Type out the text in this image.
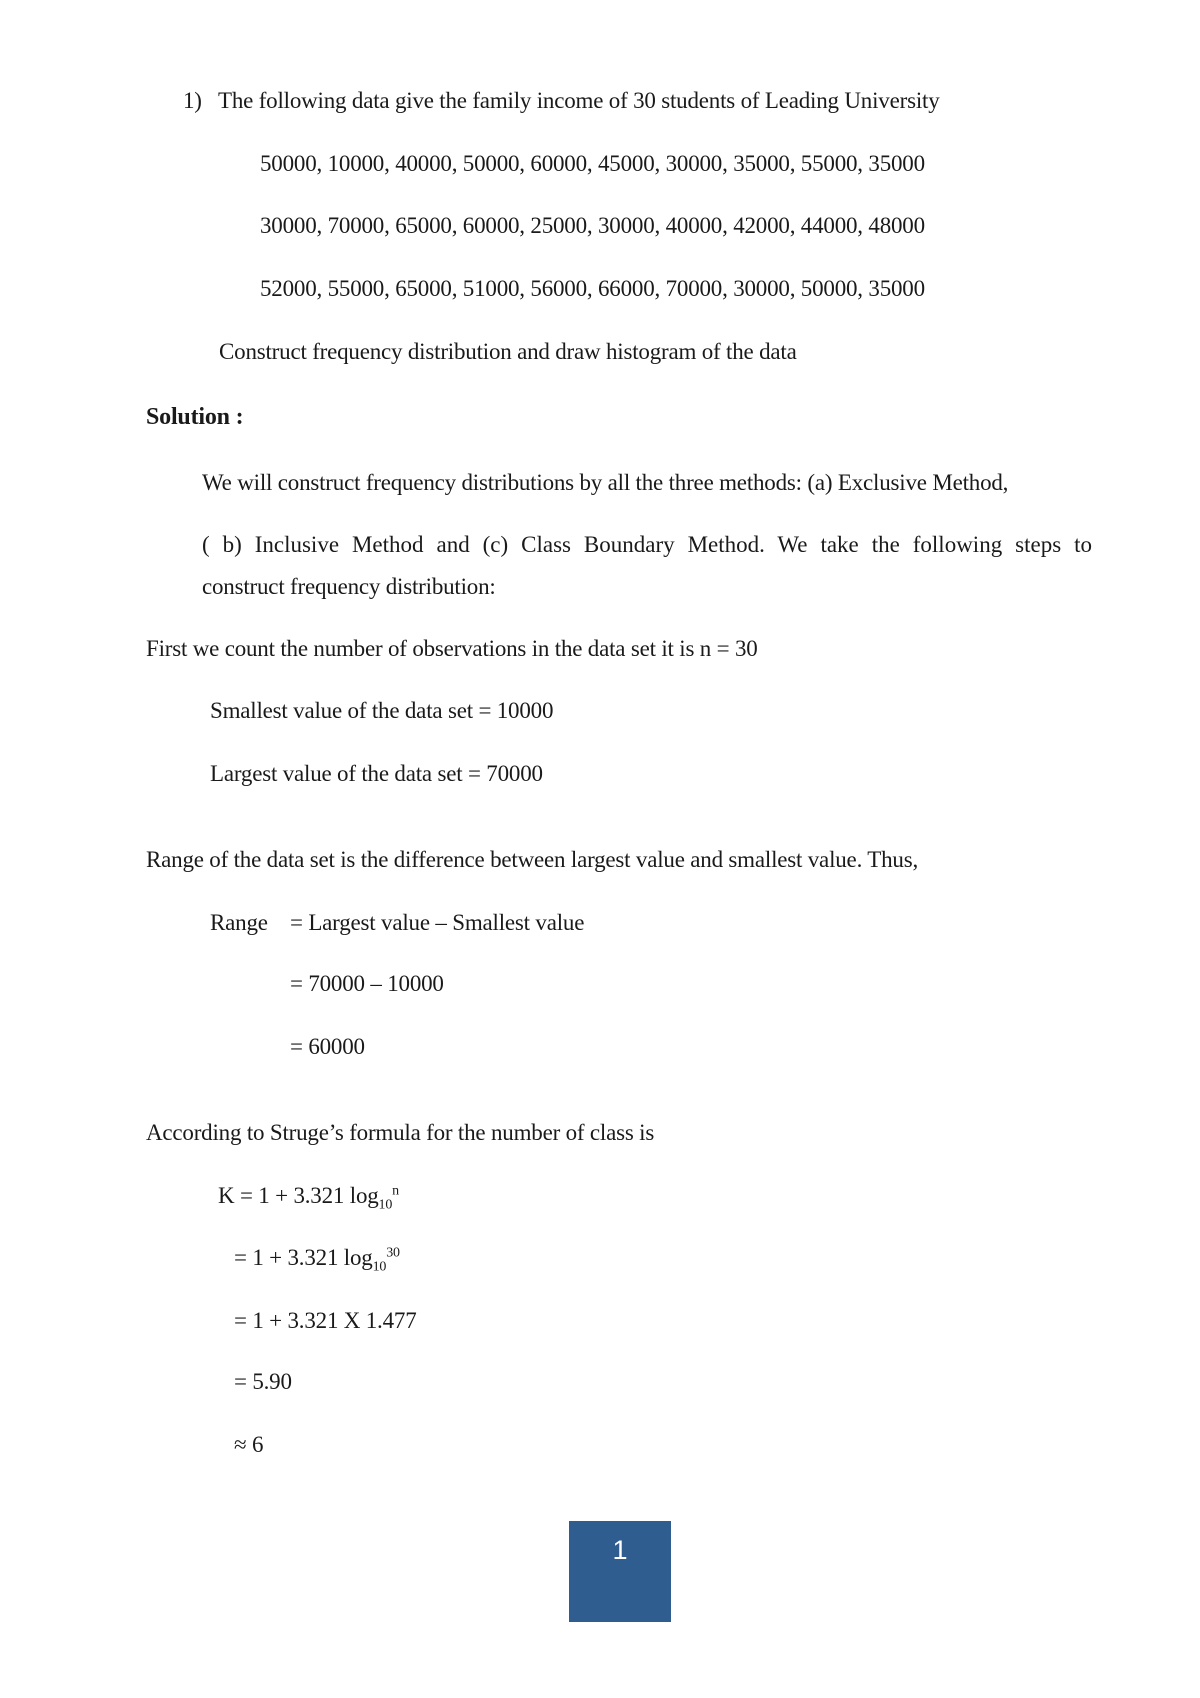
1) The following data give the family income of 30 students of Leading University
50000, 10000, 40000, 50000, 60000, 45000, 30000, 35000, 55000, 35000
30000, 70000, 65000, 60000, 25000, 30000, 40000, 42000, 44000, 48000
52000, 55000, 65000, 51000, 56000, 66000, 70000, 30000, 50000, 35000
Construct frequency distribution and draw histogram of the data
Solution :
We will construct frequency distributions by all the three methods: (a) Exclusive Method,
( b) Inclusive Method and (c) Class Boundary Method. We take the following steps to
construct frequency distribution:
First we count the number of observations in the data set it is n = 30
Smallest value of the data set = 10000
Largest value of the data set = 70000
Range of the data set is the difference between largest value and smallest value. Thus,
Range = Largest value – Smallest value
= 70000 – 10000
= 60000
According to Struge’s formula for the number of class is
K = 1 + 3.321 $\log_{10}^n$
= 1 + 3.321 $\log_{10}^{30}$
= 1 + 3.321 X 1.477
= 5.90
≈ 6
1
